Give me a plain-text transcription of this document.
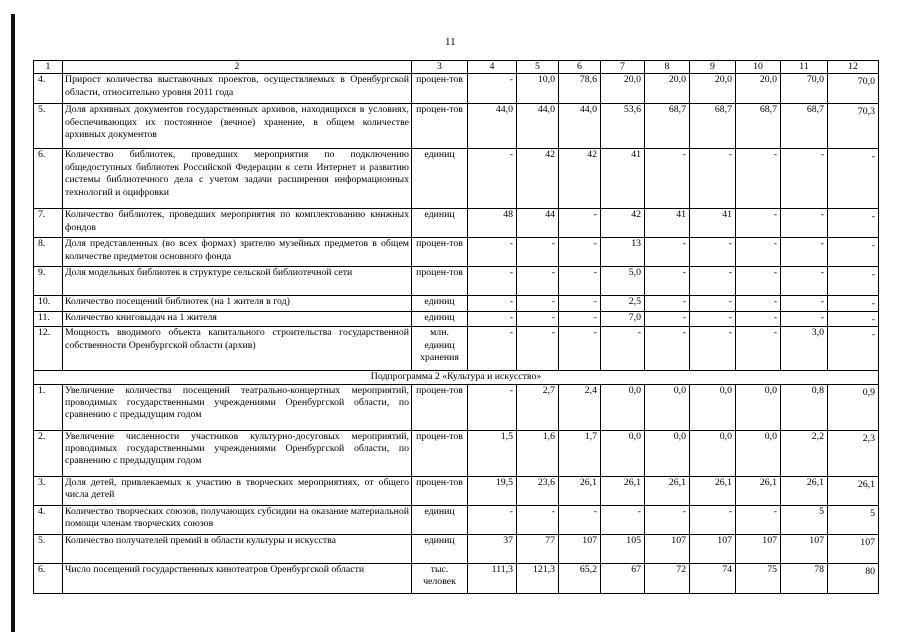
11
1	2	3	4	5	6	7	8	9	10	11	12
4.	Прирост количества выставочных проектов, осуществляемых в Оренбургской области, относительно уровня 2011 года	процен-тов	-	10,0	78,6	20,0	20,0	20,0	20,0	70,0	70,0
5.	Доля архивных документов государственных архивов, находящихся в условиях, обеспечивающих их постоянное (вечное) хранение, в общем количестве архивных документов	процен-тов	44,0	44,0	44,0	53,6	68,7	68,7	68,7	68,7	70,3
6.	Количество библиотек, проведших мероприятия по подключению общедоступных библиотек Российской Федерации к сети Интернет и развитию системы библиотечного дела с учетом задачи расширения информационных технологий и оцифровки	единиц	-	42	42	41	-	-	-	-	-
7.	Количество библиотек, проведших мероприятия по комплектованию книжных фондов	единиц	48	44	-	42	41	41	-	-	-
8.	Доля представленных (во всех формах) зрителю музейных предметов в общем количестве предметов основного фонда	процен-тов	-	-	-	13	-	-	-	-	-
9.	Доля модельных библиотек в структуре сельской библиотечной сети	процен-тов	-	-	-	5,0	-	-	-	-	-
10.	Количество посещений библиотек (на 1 жителя в год)	единиц	-	-	-	2,5	-	-	-	-	-
11.	Количество книговыдач на 1 жителя	единиц	-	-	-	7,0	-	-	-	-	-
12.	Мощность вводимого объекта капитального строительства государственной собственности Оренбургской области (архив)	млн. единиц хранения	-	-	-	-	-	-	-	3,0	-
Подпрограмма 2 «Культура и искусство»											
1.	Увеличение количества посещений театрально-концертных мероприятий, проводимых государственными учреждениями Оренбургской области, по сравнению с предыдущим годом	процен-тов	-	2,7	2,4	0,0	0,0	0,0	0,0	0,8	0,9
2.	Увеличение численности участников культурно-досуговых мероприятий, проводимых государственными учреждениями Оренбургской области, по сравнению с предыдущим годом	процен-тов	1,5	1,6	1,7	0,0	0,0	0,0	0,0	2,2	2,3
3.	Доля детей, привлекаемых к участию в творческих мероприятиях, от общего числа детей	процен-тов	19,5	23,6	26,1	26,1	26,1	26,1	26,1	26,1	26,1
4.	Количество творческих союзов, получающих субсидии на оказание материальной помощи членам творческих союзов	единиц	-	-	-	-	-	-	-	5	5
5.	Количество получателей премий в области культуры и искусства	единиц	37	77	107	105	107	107	107	107	107
6.	Число посещений государственных кинотеатров Оренбургской области	тыс. человек	111,3	121,3	65,2	67	72	74	75	78	80
